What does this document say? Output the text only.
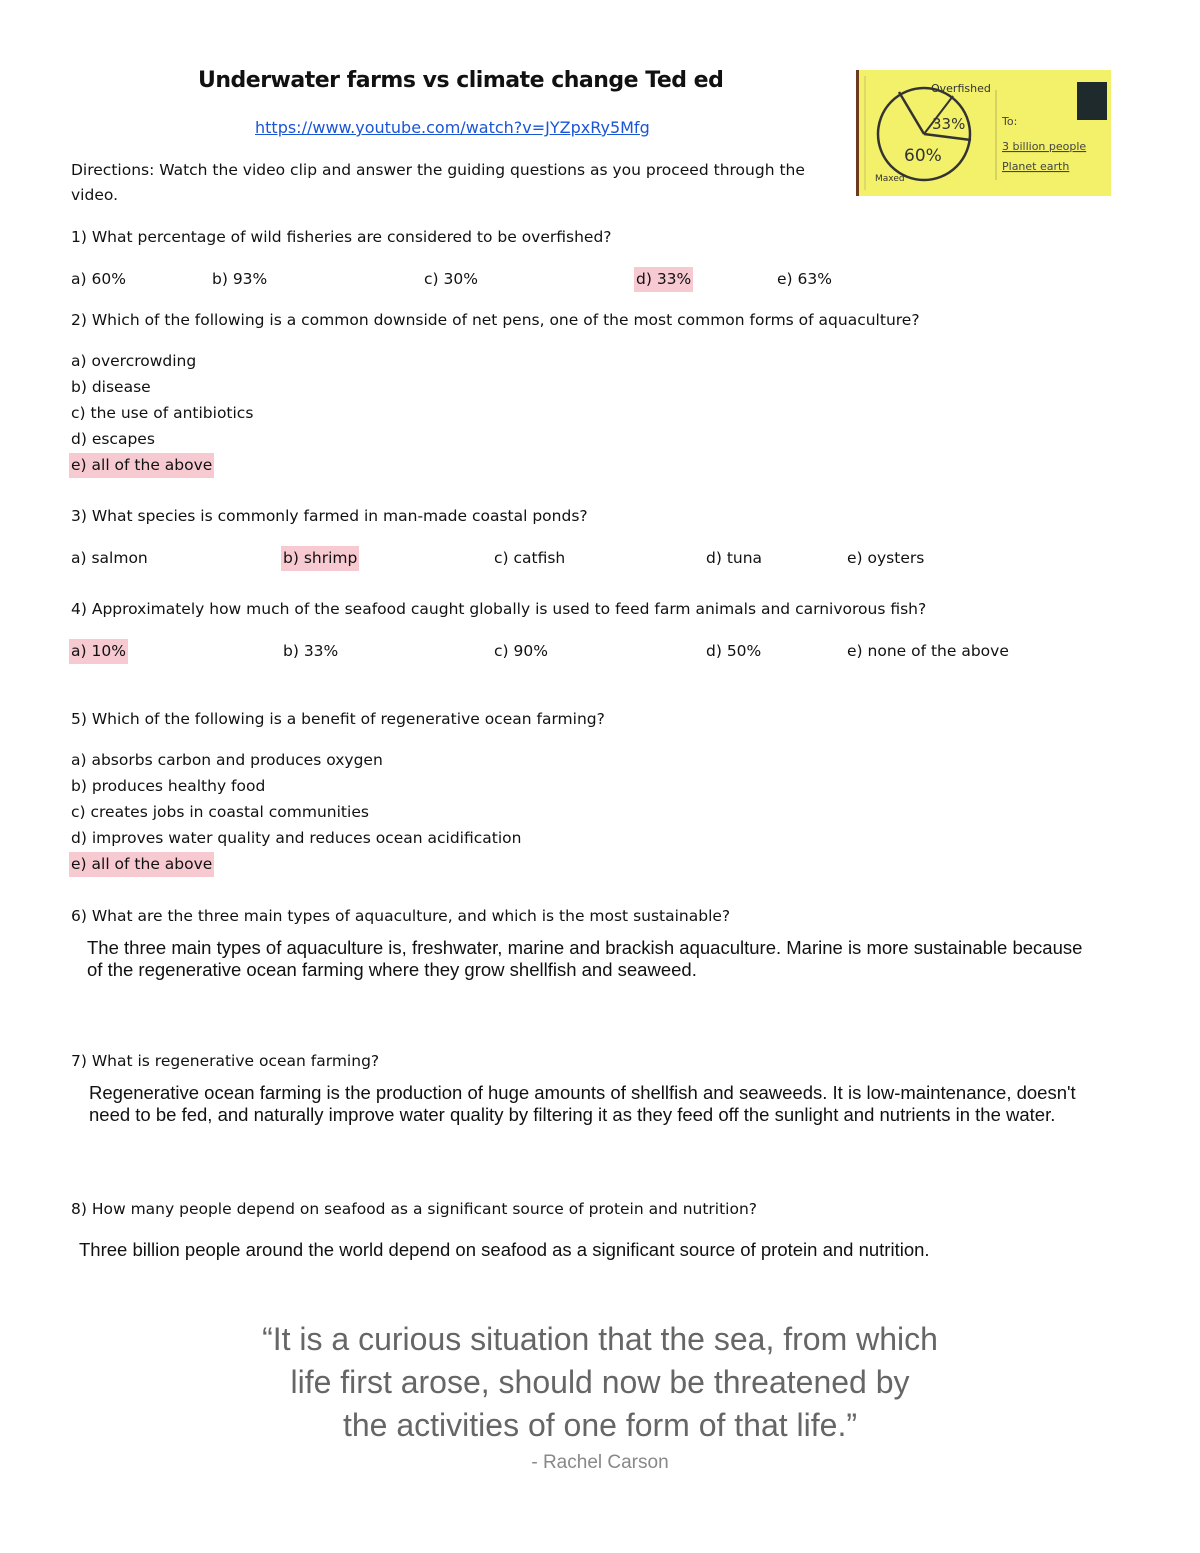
Underwater farms vs climate change Ted ed
https://www.youtube.com/watch?v=JYZpxRy5Mfg
Directions: Watch the video clip and answer the guiding questions as you proceed through the video.
Overfished
33%
60%
Maxed
To:
3 billion people
Planet earth
1) What percentage of wild fisheries are considered to be overfished?
a) 60%	b) 93%	c) 30%	d) 33%	e) 63%
2) Which of the following is a common downside of net pens, one of the most common forms of aquaculture?
a) overcrowding
b) disease
c) the use of antibiotics
d) escapes
e) all of the above
3) What species is commonly farmed in man-made coastal ponds?
a) salmon	b) shrimp	c) catfish	d) tuna	e) oysters
4) Approximately how much of the seafood caught globally is used to feed farm animals and carnivorous fish?
a) 10%	b) 33%	c) 90%	d) 50%	e) none of the above
5) Which of the following is a benefit of regenerative ocean farming?
a) absorbs carbon and produces oxygen
b) produces healthy food
c) creates jobs in coastal communities
d) improves water quality and reduces ocean acidification
e) all of the above
6) What are the three main types of aquaculture, and which is the most sustainable?
The three main types of aquaculture is, freshwater, marine and brackish aquaculture. Marine is more sustainable because
of the regenerative ocean farming where they grow shellfish and seaweed.
7) What is regenerative ocean farming?
Regenerative ocean farming is the production of huge amounts of shellfish and seaweeds. It is low-maintenance, doesn't
need to be fed, and naturally improve water quality by filtering it as they feed off the sunlight and nutrients in the water.
8) How many people depend on seafood as a significant source of protein and nutrition?
Three billion people around the world depend on seafood as a significant source of protein and nutrition.
“It is a curious situation that the sea, from which
life first arose, should now be threatened by
the activities of one form of that life.”
- Rachel Carson
